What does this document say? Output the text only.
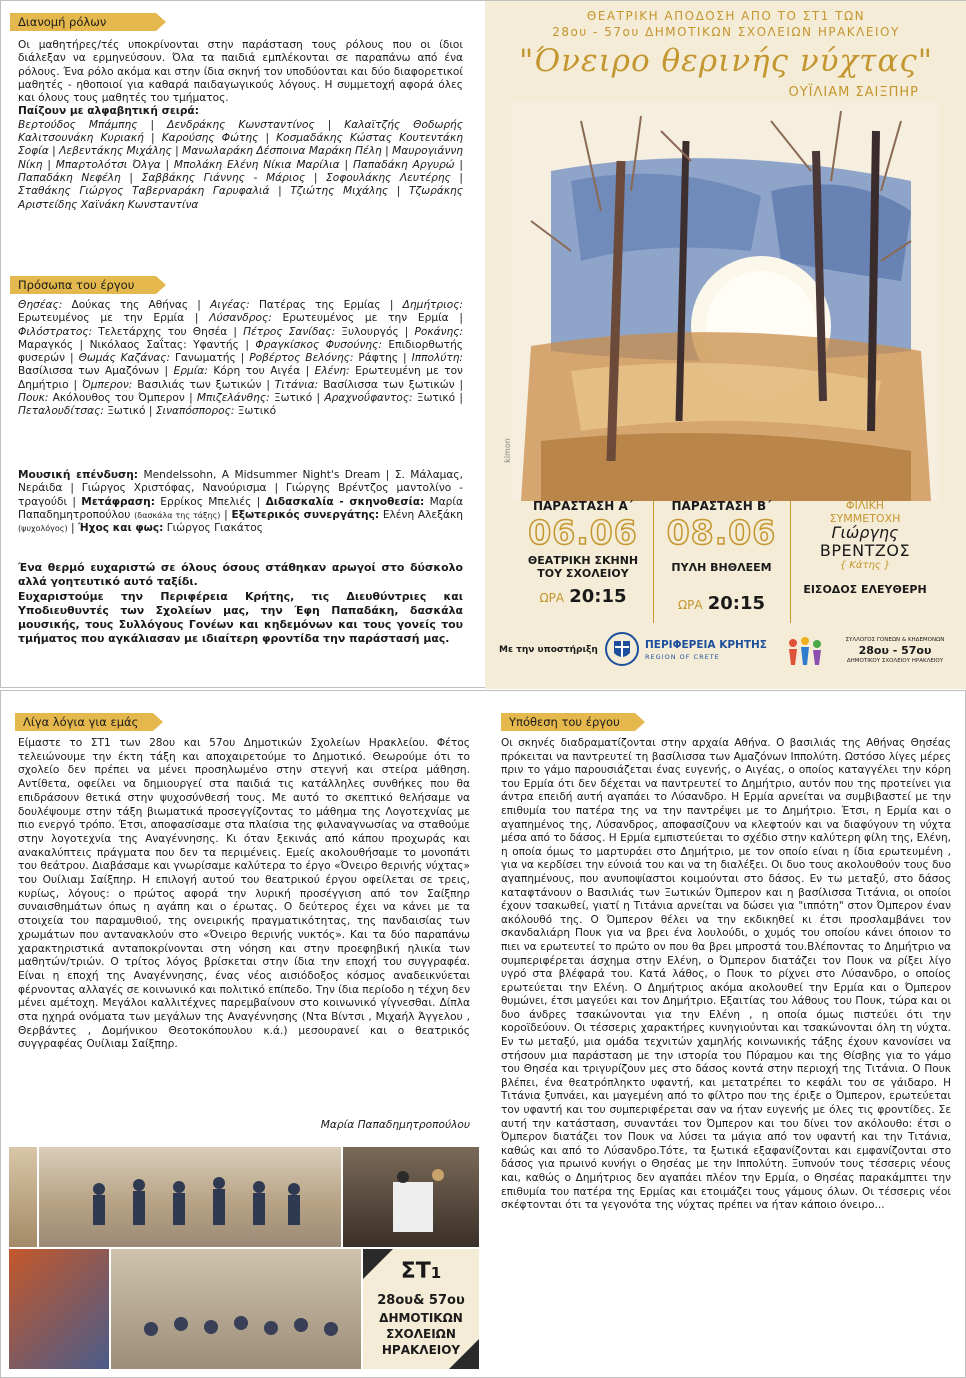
Διανομή ρόλων

Οι μαθητήρες/τές υποκρίνονται στην παράσταση τους ρόλους που οι ίδιοι διάλεξαν να ερμηνεύσουν. Όλα τα παιδιά εμπλέκονται σε παραπάνω από ένα ρόλους. Ένα ρόλο ακόμα και στην ίδια σκηνή τον υποδύονται και δύο διαφορετικοί μαθητές - ηθοποιοί για καθαρά παιδαγωγικούς λόγους. Η συμμετοχή αφορά όλες και όλους τους μαθητές του τμήματος.

Παίζουν με αλφαβητική σειρά:

Βερτούδος Μπάμπης | Δενδράκης Κωνσταντίνος | Καλαϊτζής Θοδωρής Καλιτσουνάκη Κυριακή | Καρούσης Φώτης | Κοσμαδάκης Κώστας Κουτεντάκη Σοφία | Λεβεντάκης Μιχάλης | Μανωλαράκη Δέσποινα Μαράκη Πέλη | Μαυρογιάννη Νίκη | Μπαρτολότσι Όλγα | Μπολάκη Ελένη Νίκια Μαρίλια | Παπαδάκη Αργυρώ | Παπαδάκη Νεφέλη | Σαββάκης Γιάννης - Μάριος | Σοφουλάκης Λευτέρης | Σταθάκης Γιώργος Ταβερναράκη Γαρυφαλιά | Τζιώτης Μιχάλης | Τζωράκης Αριστείδης Χαϊνάκη Κωνσταντίνα

Πρόσωπα του έργου
Θησέας: Δούκας της Αθήνας | Αιγέας: Πατέρας της Ερμίας | Δημήτριος: Ερωτευμένος με την Ερμία | Λύσανδρος: Ερωτευμένος με την Ερμία | Φιλόστρατος: Τελετάρχης του Θησέα | Πέτρος Σανίδας: Ξυλουργός | Ροκάνης: Μαραγκός | Νικόλαος Σαΐτας: Υφαντής | Φραγκίσκος Φυσούνης: Επιδιορθωτής φυσερών | Θωμάς Καζάνας: Γανωματής | Ροβέρτος Βελόνης: Ράφτης | Ιππολύτη: Βασίλισσα των Αμαζόνων | Ερμία: Κόρη του Αιγέα | Ελένη: Ερωτευμένη με τον Δημήτριο | Όμπερον: Βασιλιάς των ξωτικών | Τιτάνια: Βασίλισσα των ξωτικών | Πουκ: Ακόλουθος του Όμπερον | Μπιζελάνθης: Ξωτικό | Αραχνοΰφαντος: Ξωτικό | Πεταλουδίτσας: Ξωτικό | Σιναπόσπορος: Ξωτικό

Μουσική επένδυση: Mendelssohn, A Midsummer Night's Dream | Σ. Μάλαμας, Νεράιδα | Γιώργος Χριστόφας, Νανούρισμα | Γιώργης Βρέντζος μαντολίνο - τραγούδι | Μετάφραση: Ερρίκος Μπελιές | Διδασκαλία - σκηνοθεσία: Μαρία Παπαδημητροπούλου (δασκάλα της τάξης) | Εξωτερικός συνεργάτης: Ελένη Αλεξάκη (ψυχολόγος) | Ήχος και φως: Γιώργος Γιακάτος

Ένα θερμό ευχαριστώ σε όλους όσους στάθηκαν αρωγοί στο δύσκολο αλλά γοητευτικό αυτό ταξίδι.

Ευχαριστούμε την Περιφέρεια Κρήτης, τις Διευθύντριες και Υποδιευθυντές των Σχολείων μας, την Έφη Παπαδάκη, δασκάλα μουσικής, τους Συλλόγους Γονέων και κηδεμόνων και τους γονείς του τμήματος που αγκάλιασαν με ιδιαίτερη φροντίδα την παράστασή μας.

ΘΕΑΤΡΙΚΗ ΑΠΟΔΟΣΗ ΑΠΟ ΤΟ ΣΤ1 ΤΩΝ
28ου - 57ου ΔΗΜΟΤΙΚΩΝ ΣΧΟΛΕΙΩΝ ΗΡΑΚΛΕΙΟΥ
"Όνειρο θερινής νύχτας"
ΟΥΪΛΙΑΜ ΣΑΙΞΠΗΡ
kimon
ΠΑΡΑΣΤΑΣΗ Α΄
06.06
ΘΕΑΤΡΙΚΗ ΣΚΗΝΗ
ΤΟΥ ΣΧΟΛΕΙΟΥ
ΩΡΑ 20:15
ΠΑΡΑΣΤΑΣΗ Β΄
08.06
ΠΥΛΗ ΒΗΘΛΕΕΜ
ΩΡΑ 20:15
ΦΙΛΙΚΗ
ΣΥΜΜΕΤΟΧΗ
Γιώργης
ΒΡΕΝΤΖΟΣ
{ Κάτης }
ΕΙΣΟΔΟΣ ΕΛΕΥΘΕΡΗ
Με την υποστήριξη	ΠΕΡΙΦΕΡΕΙΑ ΚΡΗΤΗΣ
REGION OF CRETE
ΣΥΛΛΟΓΟΣ ΓΟΝΕΩΝ & ΚΗΔΕΜΟΝΩΝ
28ου - 57ου
ΔΗΜΟΤΙΚΟΥ ΣΧΟΛΕΙΟΥ ΗΡΑΚΛΕΙΟΥ
Λίγα λόγια για εμάς
Είμαστε το ΣΤ1 των 28ου και 57ου Δημοτικών Σχολείων Ηρακλείου. Φέτος τελειώνουμε την έκτη τάξη και αποχαιρετούμε το Δημοτικό. Θεωρούμε ότι το σχολείο δεν πρέπει να μένει προσηλωμένο στην στεγνή και στείρα μάθηση. Αντίθετα, οφείλει να δημιουργεί στα παιδιά τις κατάλληλες συνθήκες που θα επιδράσουν θετικά στην ψυχοσύνθεσή τους. Με αυτό το σκεπτικό θελήσαμε να δουλέψουμε στην τάξη βιωματικά προσεγγίζοντας το μάθημα της Λογοτεχνίας με πιο ενεργό τρόπο. Έτσι, αποφασίσαμε στα πλαίσια της φιλαναγνωσίας να σταθούμε στην λογοτεχνία της Αναγέννησης. Κι όταν ξεκινάς από κάπου προχωράς και ανακαλύπτεις πράγματα που δεν τα περιμένεις. Εμείς ακολουθήσαμε το μονοπάτι του θεάτρου. Διαβάσαμε και γνωρίσαμε καλύτερα το έργο «Όνειρο θερινής νύχτας» του Ουίλιαμ Σαίξπηρ. Η επιλογή αυτού του θεατρικού έργου οφείλεται σε τρεις, κυρίως, λόγους: ο πρώτος αφορά την λυρική προσέγγιση από τον Σαίξπηρ συναισθημάτων όπως η αγάπη και ο έρωτας. Ο δεύτερος έχει να κάνει με τα στοιχεία του παραμυθιού, της ονειρικής πραγματικότητας, της πανδαισίας των χρωμάτων που αντανακλούν στο «Όνειρο θερινής νυκτός». Και τα δύο παραπάνω χαρακτηριστικά ανταποκρίνονται στη νόηση και στην προεφηβική ηλικία των μαθητών/τριών. Ο τρίτος λόγος βρίσκεται στην ίδια την εποχή του συγγραφέα. Είναι η εποχή της Αναγέννησης, ένας νέος αισιόδοξος κόσμος αναδεικνύεται φέρνοντας αλλαγές σε κοινωνικό και πολιτικό επίπεδο. Την ίδια περίοδο η τέχνη δεν μένει αμέτοχη. Μεγάλοι καλλιτέχνες παρεμβαίνουν στο κοινωνικό γίγνεσθαι. Δίπλα στα ηχηρά ονόματα των μεγάλων της Αναγέννησης (Ντα Βίντσι , Μιχαήλ Άγγελου , Θερβάντες , Δομήνικου Θεοτοκόπουλου κ.ά.) μεσουρανεί και ο θεατρικός συγγραφέας Ουίλιαμ Σαίξπηρ.
Μαρία Παπαδημητροπούλου
ΣΤ1
28ου& 57ου
ΔΗΜΟΤΙΚΩΝ
ΣΧΟΛΕΙΩΝ
ΗΡΑΚΛΕΙΟΥ
Υπόθεση του έργου
Οι σκηνές διαδραματίζονται στην αρχαία Αθήνα. Ο βασιλιάς της Αθήνας Θησέας πρόκειται να παντρευτεί τη βασίλισσα των Αμαζόνων Ιππολύτη. Ωστόσο λίγες μέρες πριν το γάμο παρουσιάζεται ένας ευγενής, ο Αιγέας, ο οποίος καταγγέλει την κόρη του Ερμία ότι δεν δέχεται να παντρευτεί το Δημήτριο, αυτόν που της προτείνει για άντρα επειδή αυτή αγαπάει το Λύσανδρο. Η Ερμία αρνείται να συμβιβαστεί με την επιθυμία του πατέρα της να την παντρέψει με το Δημήτριο. Έτσι, η Ερμία και ο αγαπημένος της, Λύσανδρος, αποφασίζουν να κλεφτούν και να διαφύγουν τη νύχτα μέσα από το δάσος. Η Ερμία εμπιστεύεται το σχέδιο στην καλύτερη φίλη της, Ελένη, η οποία όμως το μαρτυράει στο Δημήτριο, με τον οποίο είναι η ίδια ερωτευμένη , για να κερδίσει την εύνοιά του και να τη διαλέξει. Οι δυο τους ακολουθούν τους δυο αγαπημένους, που ανυποψίαστοι κοιμούνται στο δάσος. Εν τω μεταξύ, στο δάσος καταφτάνουν ο Βασιλιάς των Ξωτικών Όμπερον και η βασίλισσα Τιτάνια, οι οποίοι έχουν τσακωθεί, γιατί η Τιτάνια αρνείται να δώσει για "ιππότη" στον Όμπερον έναν ακόλουθό της. Ο Όμπερον θέλει να την εκδικηθεί κι έτσι προσλαμβάνει τον σκανδαλιάρη Πουκ για να βρει ένα λουλούδι, ο χυμός του οποίου κάνει όποιον το πιει να ερωτευτεί το πρώτο ον που θα βρει μπροστά του.Βλέποντας το Δημήτριο να συμπεριφέρεται άσχημα στην Ελένη, ο Όμπερον διατάζει τον Πουκ να ρίξει λίγο υγρό στα βλέφαρά του. Κατά λάθος, ο Πουκ το ρίχνει στο Λύσανδρο, ο οποίος ερωτεύεται την Ελένη. Ο Δημήτριος ακόμα ακολουθεί την Ερμία και ο Όμπερον θυμώνει, έτσι μαγεύει και τον Δημήτριο. Εξαιτίας του λάθους του Πουκ, τώρα και οι δυο άνδρες τσακώνονται για την Ελένη , η οποία όμως πιστεύει ότι την κοροϊδεύουν. Οι τέσσερις χαρακτήρες κυνηγιούνται και τσακώνονται όλη τη νύχτα. Εν τω μεταξύ, μια ομάδα τεχνιτών χαμηλής κοινωνικής τάξης έχουν κανονίσει να στήσουν μια παράσταση με την ιστορία του Πύραμου και της Θίσβης για το γάμο του Θησέα και τριγυρίζουν μες στο δάσος κοντά στην περιοχή της Τιτάνια. Ο Πουκ βλέπει, ένα θεατρόπληκτο υφαντή, και μετατρέπει το κεφάλι του σε γάιδαρο. Η Τιτάνια ξυπνάει, και μαγεμένη από το φίλτρο που της έριξε ο Όμπερον, ερωτεύεται τον υφαντή και του συμπεριφέρεται σαν να ήταν ευγενής με όλες τις φροντίδες. Σε αυτή την κατάσταση, συναντάει τον Όμπερον και του δίνει τον ακόλουθο: έτσι ο Όμπερον διατάζει τον Πουκ να λύσει τα μάγια από τον υφαντή και την Τιτάνια, καθώς και από το Λύσανδρο.Τότε, τα ξωτικά εξαφανίζονται και εμφανίζονται στο δάσος για πρωινό κυνήγι ο Θησέας με την Ιππολύτη. Ξυπνούν τους τέσσερις νέους και, καθώς ο Δημήτριος δεν αγαπάει πλέον την Ερμία, ο Θησέας παρακάμπτει την επιθυμία του πατέρα της Ερμίας και ετοιμάζει τους γάμους όλων. Οι τέσσερις νέοι σκέφτονται ότι τα γεγονότα της νύχτας πρέπει να ήταν κάποιο όνειρο...
